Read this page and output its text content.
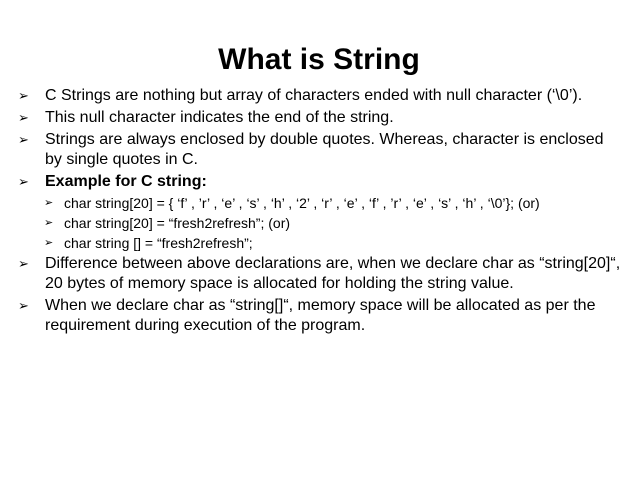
What is String
➢	C Strings are nothing but array of characters ended with null character (‘\0’).
➢	This null character indicates the end of the string.
➢	Strings are always enclosed by double quotes. Whereas, character is enclosed by single quotes in C.
➢	Example for C string:
➢ char string[20] = { ‘f’ , ’r’ , ‘e’ , ‘s’ , ‘h’ , ‘2’ , ‘r’ , ‘e’ , ‘f’ , ’r’ , ‘e’ , ‘s’ , ‘h’ , ‘\0’}; (or)
➢ char string[20] = “fresh2refresh”; (or)
➢ char string [] = “fresh2refresh”;
➢	Difference between above declarations are, when we declare char as “string[20]“, 20 bytes of memory space is allocated for holding the string value.
➢	When we declare char as “string[]“, memory space will be allocated as per the requirement during execution of the program.
